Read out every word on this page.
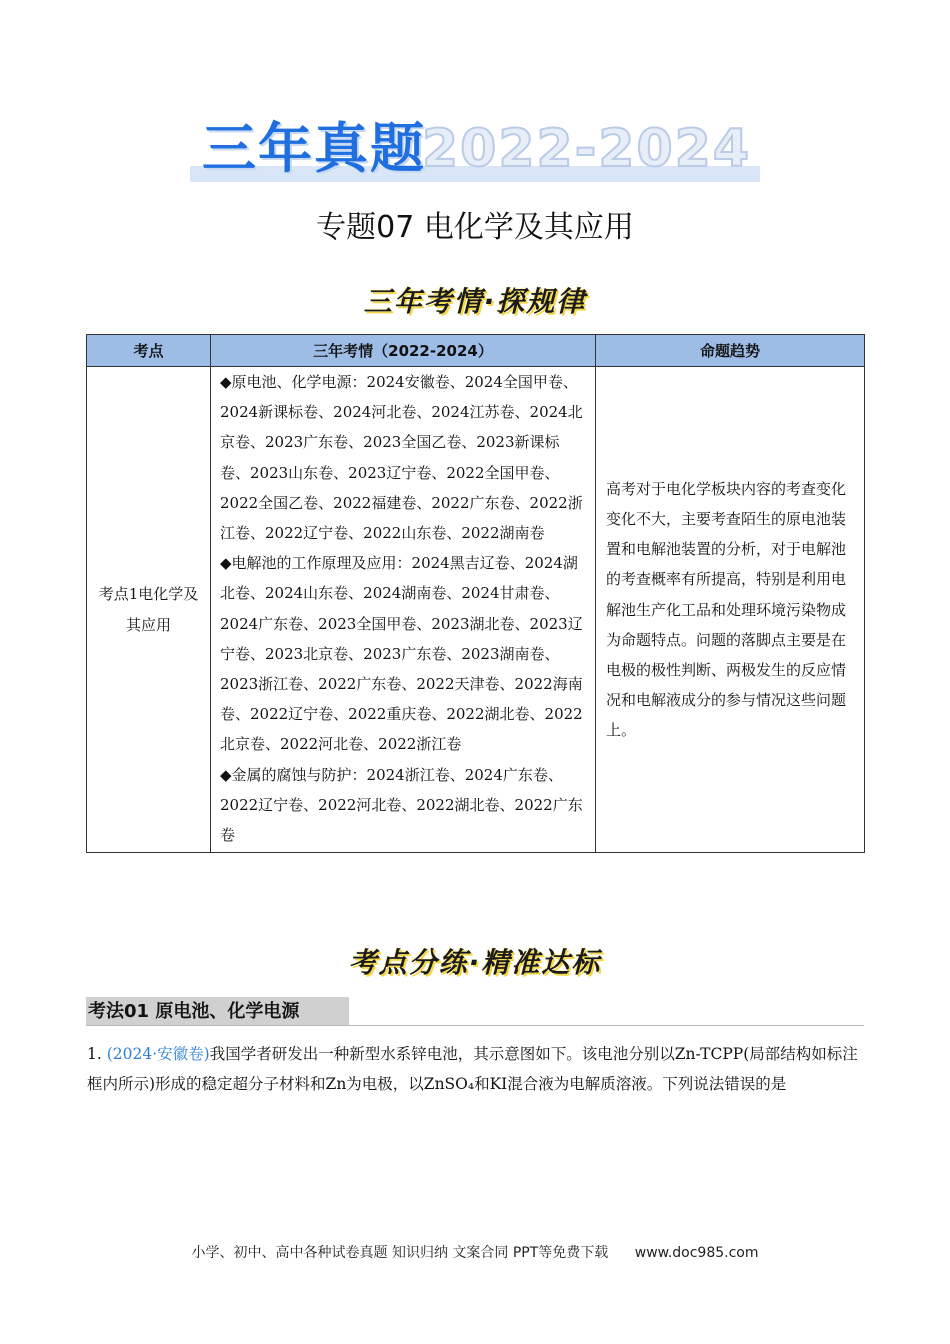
三年真题
2022-2024
专题07 电化学及其应用
三年考情·探规律
考点	三年考情（2022-2024）	命题趋势
考点1电化学及其应用	◆原电池、化学电源：2024安徽卷、2024全国甲卷、2024新课标卷、2024河北卷、2024江苏卷、2024北京卷、2023广东卷、2023全国乙卷、2023新课标卷、2023山东卷、2023辽宁卷、2022全国甲卷、2022全国乙卷、2022福建卷、2022广东卷、2022浙江卷、2022辽宁卷、2022山东卷、2022湖南卷

◆电解池的工作原理及应用：2024黑吉辽卷、2024湖北卷、2024山东卷、2024湖南卷、2024甘肃卷、2024广东卷、2023全国甲卷、2023湖北卷、2023辽宁卷、2023北京卷、2023广东卷、2023湖南卷、2023浙江卷、2022广东卷、2022天津卷、2022海南卷、2022辽宁卷、2022重庆卷、2022湖北卷、2022北京卷、2022河北卷、2022浙江卷

◆金属的腐蚀与防护：2024浙江卷、2024广东卷、2022辽宁卷、2022河北卷、2022湖北卷、2022广东卷	高考对于电化学板块内容的考查变化变化不大，主要考查陌生的原电池装置和电解池装置的分析，对于电解池的考查概率有所提高，特别是利用电解池生产化工品和处理环境污染物成为命题特点。问题的落脚点主要是在电极的极性判断、两极发生的反应情况和电解液成分的参与情况这些问题上。
考点分练·精准达标
考法01 原电池、化学电源
1. (2024·安徽卷)我国学者研发出一种新型水系锌电池，其示意图如下。该电池分别以Zn-TCPP(局部结构如标注框内所示)形成的稳定超分子材料和Zn为电极，以ZnSO₄和KI混合液为电解质溶液。下列说法错误的是
小学、初中、高中各种试卷真题 知识归纳 文案合同 PPT等免费下载 www.doc985.com
